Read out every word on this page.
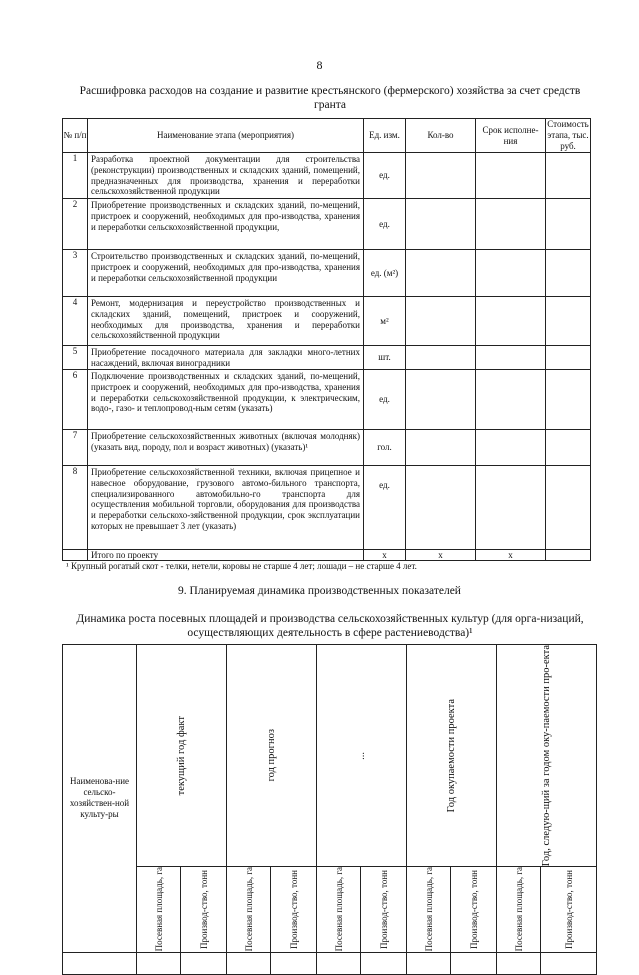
8
Расшифровка расходов на создание и развитие крестьянского (фермерского) хозяйства за счет средств гранта
№ п/п	Наименование этапа (мероприятия)	Ед. изм.	Кол-во	Срок исполне-ния	Стоимость этапа, тыс. руб.
1	Разработка проектной документации для строительства (реконструкции) производственных и складских зданий, помещений, предназначенных для производства, хранения и переработки сельскохозяйственной продукции	ед.			
2	Приобретение производственных и складских зданий, по-мещений, пристроек и сооружений, необходимых для про-изводства, хранения и переработки сельскохозяйственной продукции,	ед.			
3	Строительство производственных и складских зданий, по-мещений, пристроек и сооружений, необходимых для про-изводства, хранения и переработки сельскохозяйственной продукции	ед. (м²)			
4	Ремонт, модернизация и переустройство производственных и складских зданий, помещений, пристроек и сооружений, необходимых для производства, хранения и переработки сельскохозяйственной продукции	м²			
5	Приобретение посадочного материала для закладки много-летних насаждений, включая виноградники	шт.			
6	Подключение производственных и складских зданий, по-мещений, пристроек и сооружений, необходимых для про-изводства, хранения и переработки сельскохозяйственной продукции, к электрическим, водо-, газо- и теплопровод-ным сетям (указать)	ед.			
7	Приобретение сельскохозяйственных животных (включая молодняк) (указать вид, породу, пол и возраст животных) (указать)¹	гол.			
8	Приобретение сельскохозяйственной техники, включая прицепное и навесное оборудование, грузового автомо-бильного транспорта, специализированного автомобильно-го транспорта для осуществления мобильной торговли, оборудования для производства и переработки сельскохо-зяйственной продукции, срок эксплуатации которых не превышает 3 лет (указать)	ед.			
	Итого по проекту	х	х	х	
¹ Крупный рогатый скот - телки, нетели, коровы не старше 4 лет; лошади – не старше 4 лет.
9. Планируемая динамика производственных показателей
Динамика роста посевных площадей и производства сельскохозяйственных культур (для орга-низаций, осуществляющих деятельность в сфере растениеводства)¹
Наименова-ние сельско-хозяйствен-ной культу-ры	текущий год факт		год прогноз		...		Год окупаемости проекта		Год, следую-щий за годом оку-паемости про-екта	

	Посевная площадь, га	Производ-ство, тонн	Посевная площадь, га	Производ-ство, тонн	Посевная площадь, га	Производ-ство, тонн	Посевная площадь, га	Производ-ство, тонн	Посевная площадь, га	Производ-ство, тонн
